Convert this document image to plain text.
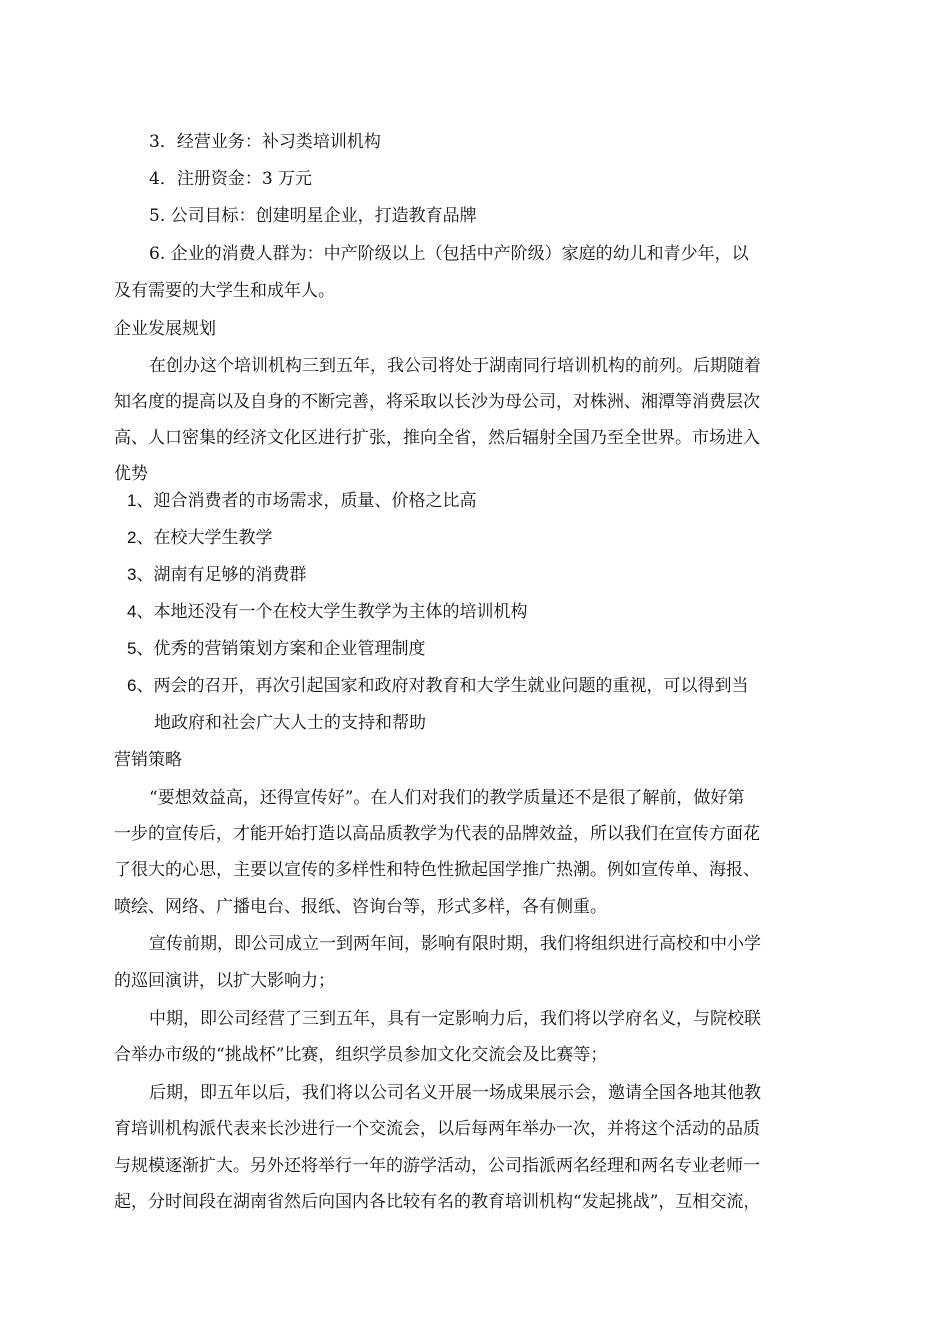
3．经营业务：补习类培训机构
4．注册资金：3 万元
5. 公司目标：创建明星企业，打造教育品牌
6. 企业的消费人群为：中产阶级以上（包括中产阶级）家庭的幼儿和青少年，以
及有需要的大学生和成年人。
企业发展规划
在创办这个培训机构三到五年，我公司将处于湖南同行培训机构的前列。后期随着
知名度的提高以及自身的不断完善，将采取以长沙为母公司，对株洲、湘潭等消费层次
高、人口密集的经济文化区进行扩张，推向全省，然后辐射全国乃至全世界。市场进入
优势
1、迎合消费者的市场需求，质量、价格之比高
2、在校大学生教学
3、湖南有足够的消费群
4、本地还没有一个在校大学生教学为主体的培训机构
5、优秀的营销策划方案和企业管理制度
6、两会的召开，再次引起国家和政府对教育和大学生就业问题的重视，可以得到当
地政府和社会广大人士的支持和帮助
营销策略
“要想效益高，还得宣传好”。在人们对我们的教学质量还不是很了解前，做好第
一步的宣传后，才能开始打造以高品质教学为代表的品牌效益，所以我们在宣传方面花
了很大的心思，主要以宣传的多样性和特色性掀起国学推广热潮。例如宣传单、海报、
喷绘、网络、广播电台、报纸、咨询台等，形式多样，各有侧重。
宣传前期，即公司成立一到两年间，影响有限时期，我们将组织进行高校和中小学
的巡回演讲，以扩大影响力；
中期，即公司经营了三到五年，具有一定影响力后，我们将以学府名义，与院校联
合举办市级的“挑战杯”比赛，组织学员参加文化交流会及比赛等；
后期，即五年以后，我们将以公司名义开展一场成果展示会，邀请全国各地其他教
育培训机构派代表来长沙进行一个交流会，以后每两年举办一次，并将这个活动的品质
与规模逐渐扩大。另外还将举行一年的游学活动，公司指派两名经理和两名专业老师一
起，分时间段在湖南省然后向国内各比较有名的教育培训机构“发起挑战”，互相交流，
